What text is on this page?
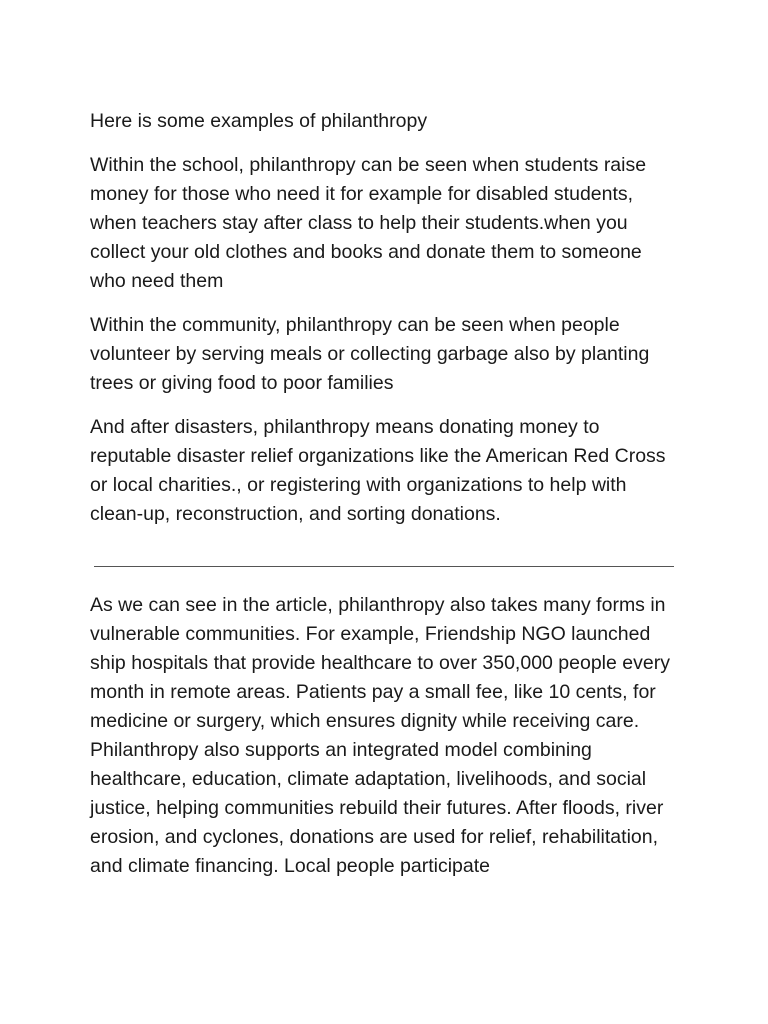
Here is some examples of philanthropy

Within the school, philanthropy can be seen when students raise money for those who need it for example for disabled students, when teachers stay after class to help their students.when you collect your old clothes and books and donate them to someone who need them

Within the community, philanthropy can be seen when people volunteer by serving meals or collecting garbage also by planting trees or giving food to poor families

And after disasters, philanthropy means donating money to reputable disaster relief organizations like the American Red Cross or local charities., or registering with organizations to help with clean-up, reconstruction, and sorting donations.

As we can see in the article, philanthropy also takes many forms in vulnerable communities. For example, Friendship NGO launched ship hospitals that provide healthcare to over 350,000 people every month in remote areas. Patients pay a small fee, like 10 cents, for medicine or surgery, which ensures dignity while receiving care. Philanthropy also supports an integrated model combining healthcare, education, climate adaptation, livelihoods, and social justice, helping communities rebuild their futures. After floods, river erosion, and cyclones, donations are used for relief, rehabilitation, and climate financing. Local people participate
